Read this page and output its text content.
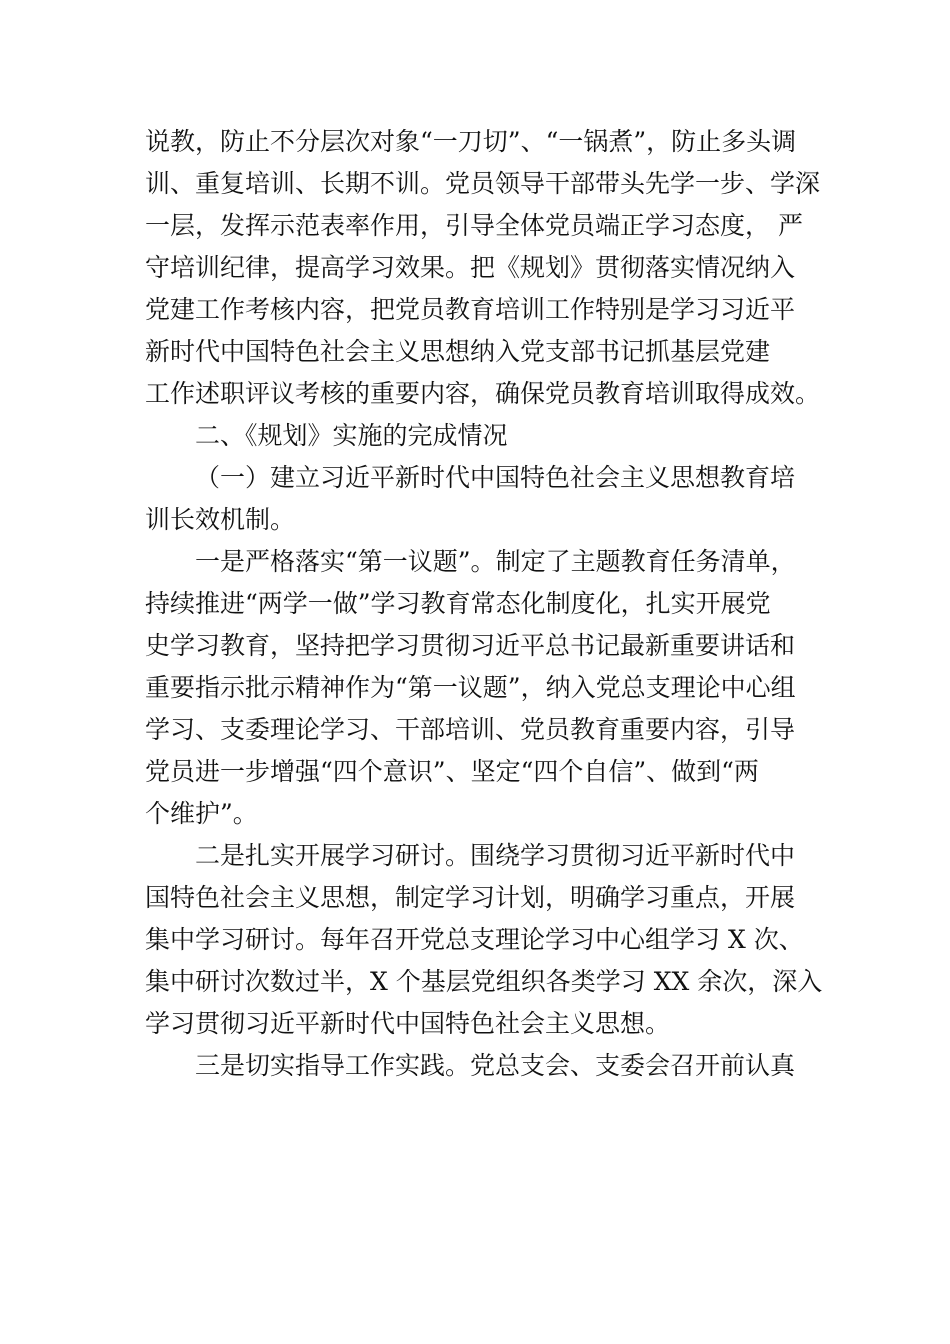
说教，防止不分层次对象“一刀切”、“一锅煮”，防止多头调
训、重复培训、长期不训。党员领导干部带头先学一步、学深
一层，发挥示范表率作用，引导全体党员端正学习态度， 严
守培训纪律，提高学习效果。把《规划》贯彻落实情况纳入
党建工作考核内容，把党员教育培训工作特别是学习习近平
新时代中国特色社会主义思想纳入党支部书记抓基层党建
工作述职评议考核的重要内容，确保党员教育培训取得成效。
二、《规划》实施的完成情况
（一）建立习近平新时代中国特色社会主义思想教育培
训长效机制。
一是严格落实“第一议题”。制定了主题教育任务清单，
持续推进“两学一做”学习教育常态化制度化，扎实开展党
史学习教育，坚持把学习贯彻习近平总书记最新重要讲话和
重要指示批示精神作为“第一议题”，纳入党总支理论中心组
学习、支委理论学习、干部培训、党员教育重要内容，引导
党员进一步增强“四个意识”、坚定“四个自信”、做到“两
个维护”。
二是扎实开展学习研讨。围绕学习贯彻习近平新时代中
国特色社会主义思想，制定学习计划，明确学习重点，开展
集中学习研讨。每年召开党总支理论学习中心组学习 X 次、
集中研讨次数过半，X 个基层党组织各类学习 XX 余次，深入
学习贯彻习近平新时代中国特色社会主义思想。
三是切实指导工作实践。党总支会、支委会召开前认真
